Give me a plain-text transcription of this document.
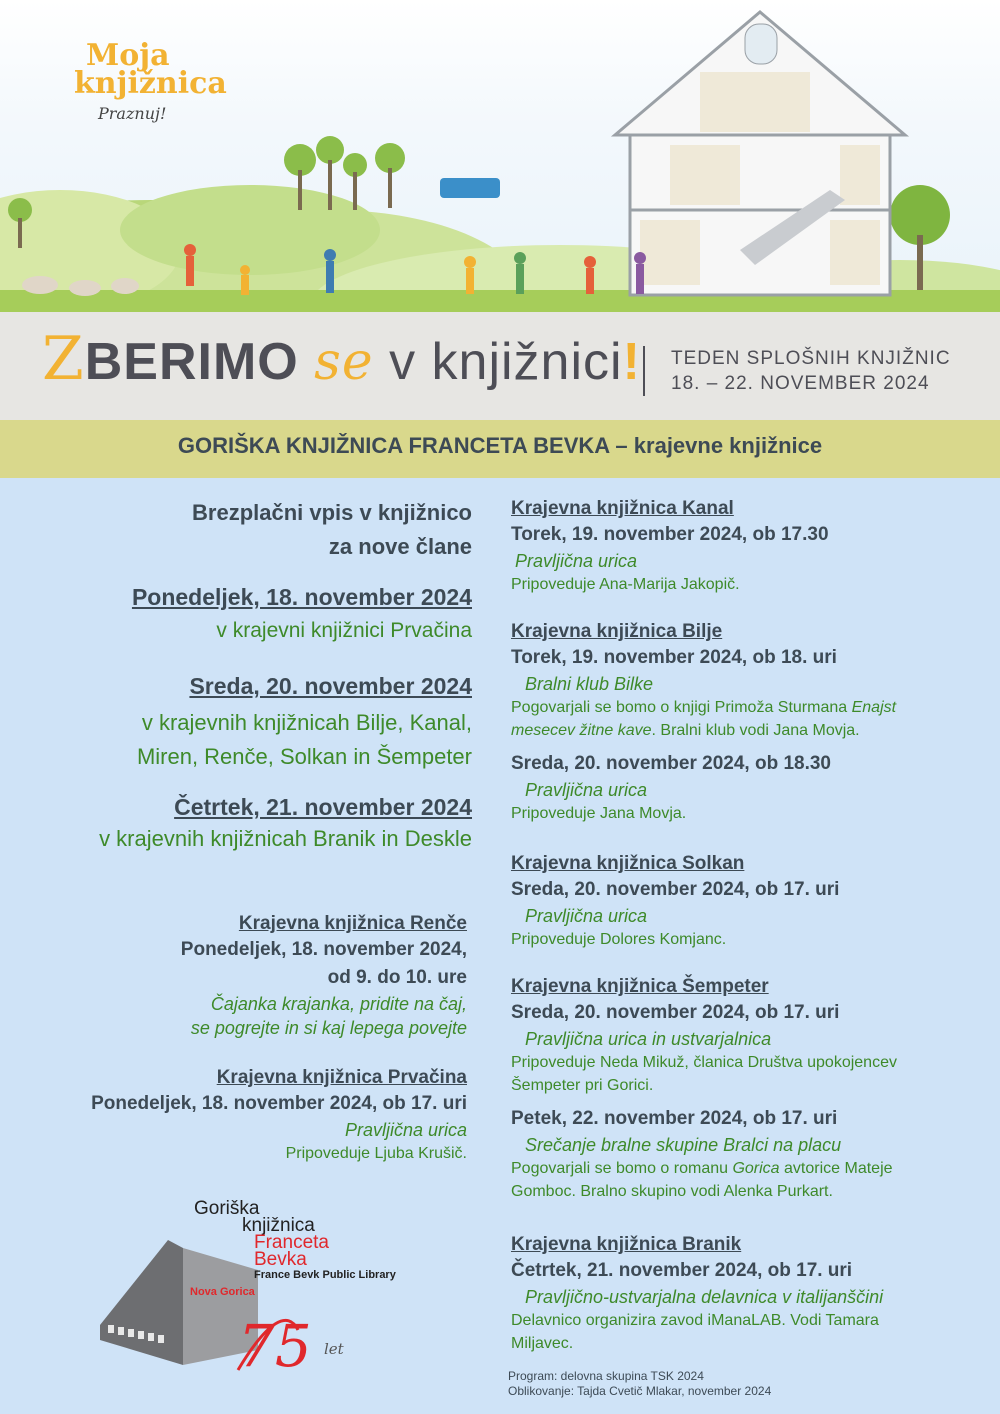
Moja
knjižnica
Praznuj!
ZBERIMO se v knjižnici! TEDEN SPLOŠNIH KNJIŽNIC
18. – 22. NOVEMBER 2024
GORIŠKA KNJIŽNICA FRANCETA BEVKA – krajevne knjižnice
Brezplačni vpis v knjižnico
za nove člane
Ponedeljek, 18. november 2024
v krajevni knjižnici Prvačina
Sreda, 20. november 2024
v krajevnih knjižnicah Bilje, Kanal,
Miren, Renče, Solkan in Šempeter
Četrtek, 21. november 2024
v krajevnih knjižnicah Branik in Deskle
Krajevna knjižnica Renče
Ponedeljek, 18. november 2024,
od 9. do 10. ure
Čajanka krajanka, pridite na čaj,
se pogrejte in si kaj lepega povejte
Krajevna knjižnica Prvačina
Ponedeljek, 18. november 2024, ob 17. uri
Pravljična urica
Pripoveduje Ljuba Krušič.
Krajevna knjižnica Kanal
Torek, 19. november 2024, ob 17.30
Pravljična urica
Pripoveduje Ana-Marija Jakopič.
Krajevna knjižnica Bilje
Torek, 19. november 2024, ob 18. uri
Bralni klub Bilke
Pogovarjali se bomo o knjigi Primoža Sturmana Enajst
mesecev žitne kave. Bralni klub vodi Jana Movja.
Sreda, 20. november 2024, ob 18.30
Pravljična urica
Pripoveduje Jana Movja.
Krajevna knjižnica Solkan
Sreda, 20. november 2024, ob 17. uri
Pravljična urica
Pripoveduje Dolores Komjanc.
Krajevna knjižnica Šempeter
Sreda, 20. november 2024, ob 17. uri
Pravljična urica in ustvarjalnica
Pripoveduje Neda Mikuž, članica Društva upokojencev
Šempeter pri Gorici.
Petek, 22. november 2024, ob 17. uri
Srečanje bralne skupine Bralci na placu
Pogovarjali se bomo o romanu Gorica avtorice Mateje
Gomboc. Bralno skupino vodi Alenka Purkart.
Krajevna knjižnica Branik
Četrtek, 21. november 2024, ob 17. uri
Pravljično-ustvarjalna delavnica v italijanščini
Delavnico organizira zavod iManaLAB. Vodi Tamara
Miljavec.
Goriška
knjižnica
Franceta
Bevka
France Bevk Public Library
Nova Gorica
75 let
Program: delovna skupina TSK 2024
Oblikovanje: Tajda Cvetič Mlakar, november 2024
